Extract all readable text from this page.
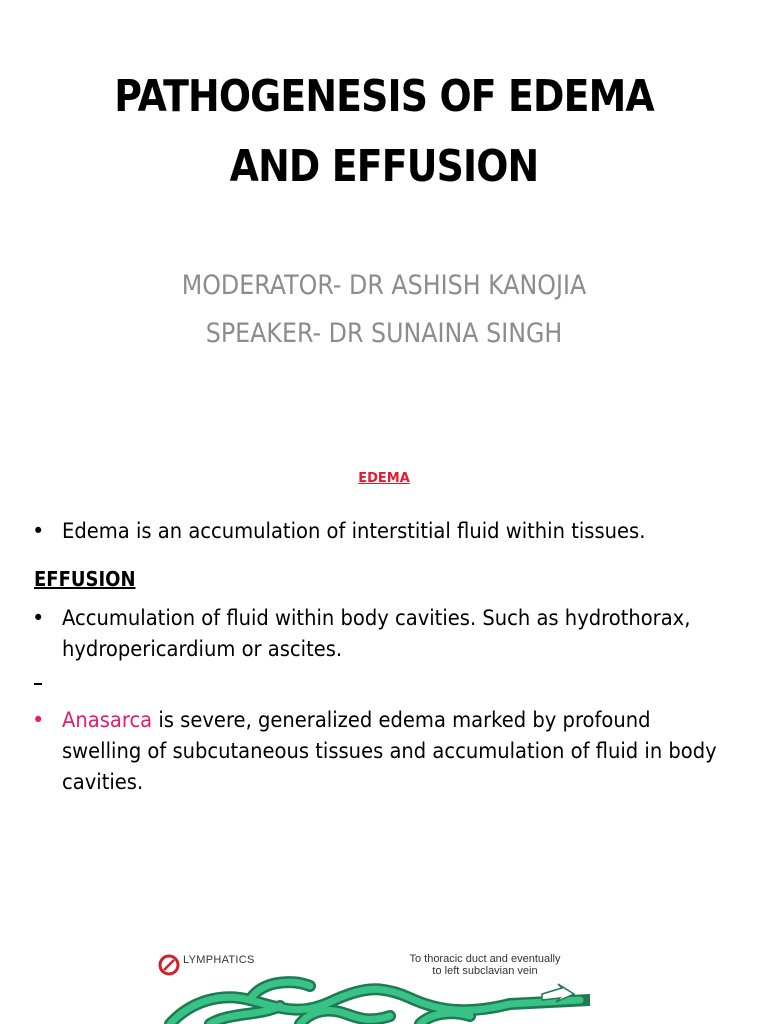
PATHOGENESIS OF EDEMA
AND EFFUSION
MODERATOR- DR ASHISH KANOJIA
SPEAKER- DR SUNAINA SINGH
EDEMA
• Edema is an accumulation of interstitial fluid within tissues.
EFFUSION
• Accumulation of fluid within body cavities. Such as hydrothorax, hydropericardium or ascites.
• Anasarca is severe, generalized edema marked by profound swelling of subcutaneous tissues and accumulation of fluid in body cavities.
LYMPHATICS	To thoracic duct and eventually
to left subclavian vein
